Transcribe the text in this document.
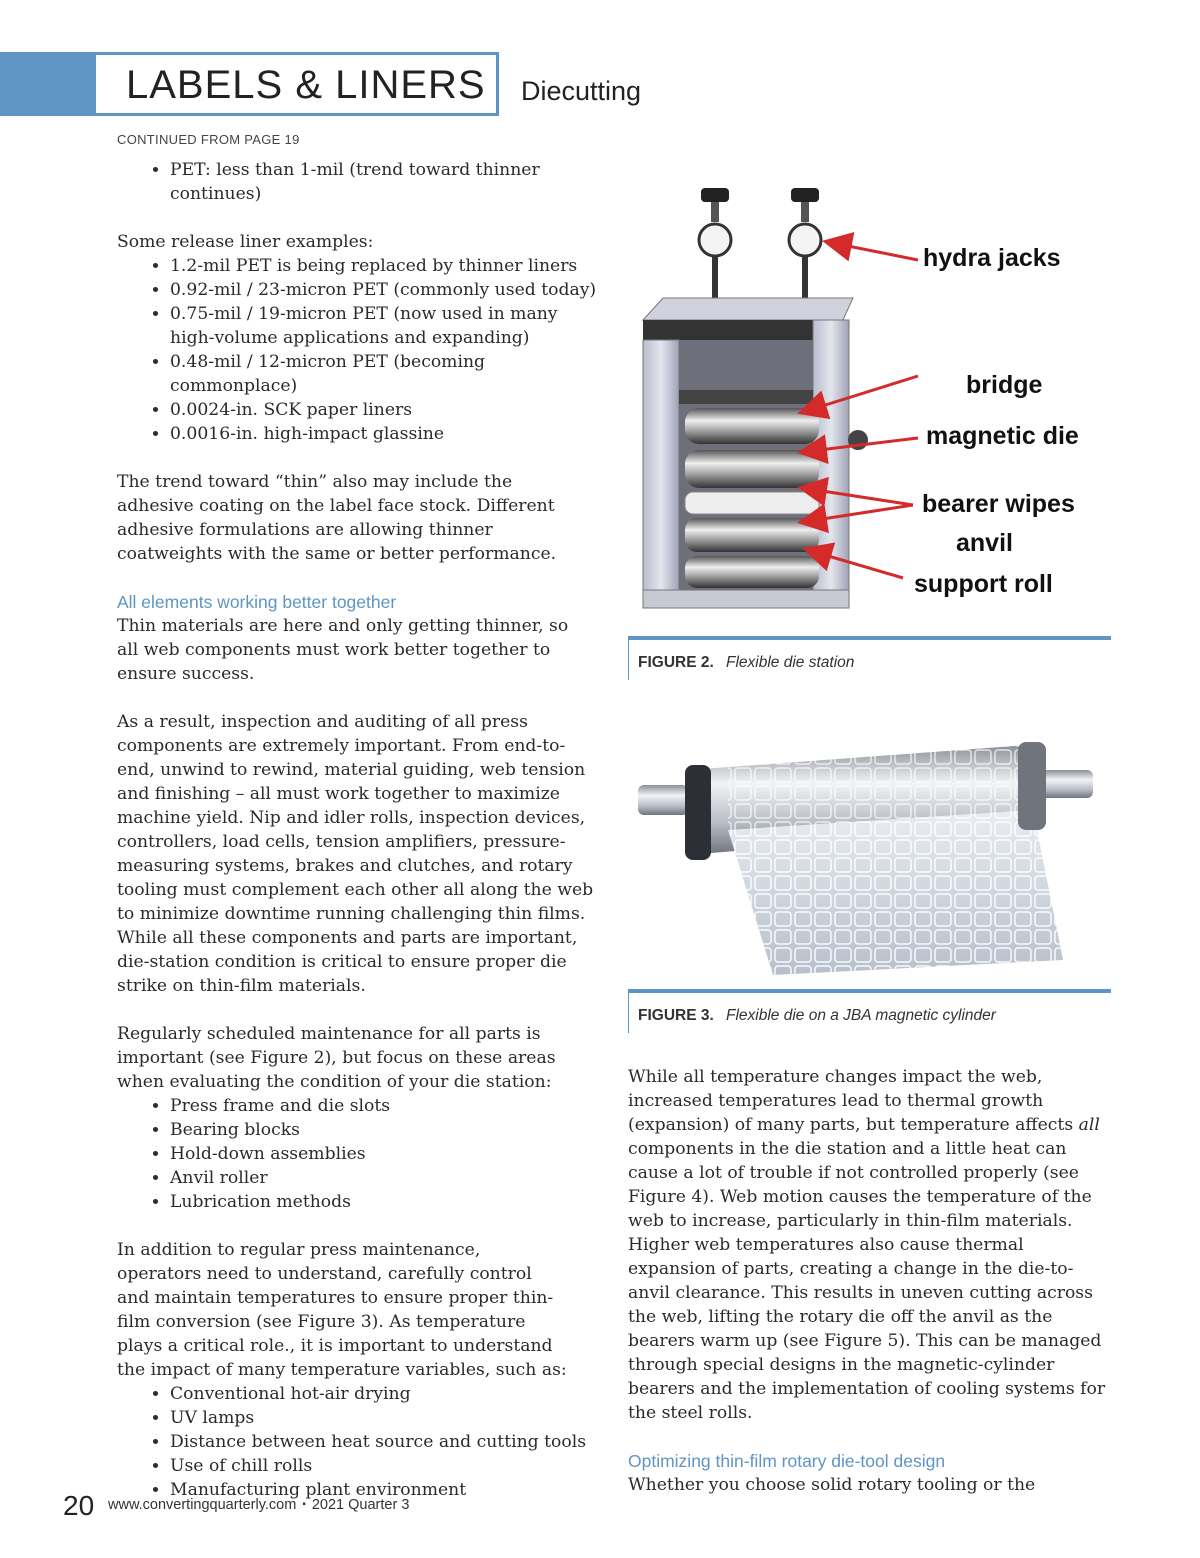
LABELS & LINERS Diecutting
CONTINUED FROM PAGE 19
• PET: less than 1-mil (trend toward thinner continues)

Some release liner examples:

• 1.2-mil PET is being replaced by thinner liners
• 0.92-mil / 23-micron PET (commonly used today)
• 0.75-mil / 19-micron PET (now used in many high-volume applications and expanding)
• 0.48-mil / 12-micron PET (becoming commonplace)
• 0.0024-in. SCK paper liners
• 0.0016-in. high-impact glassine

The trend toward “thin” also may include the adhesive coating on the label face stock. Different adhesive formulations are allowing thinner coatweights with the same or better performance.

All elements working better together

Thin materials are here and only getting thinner, so all web components must work better together to ensure success.

As a result, inspection and auditing of all press components are extremely important. From end-to-end, unwind to rewind, material guiding, web tension and finishing – all must work together to maximize machine yield. Nip and idler rolls, inspection devices, controllers, load cells, tension amplifiers, pressure-measuring systems, brakes and clutches, and rotary tooling must complement each other all along the web to minimize downtime running challenging thin films. While all these components and parts are important, die-station condition is critical to ensure proper die strike on thin-film materials.

Regularly scheduled maintenance for all parts is important (see Figure 2), but focus on these areas when evaluating the condition of your die station:

• Press frame and die slots
• Bearing blocks
• Hold-down assemblies
• Anvil roller
• Lubrication methods

In addition to regular press maintenance, operators need to understand, carefully control and maintain temperatures to ensure proper thin-film conversion (see Figure 3). As temperature plays a critical role., it is important to understand the impact of many temperature variables, such as:

• Conventional hot-air drying
• UV lamps
• Distance between heat source and cutting tools
• Use of chill rolls
• Manufacturing plant environment
hydra jacks
bridge
magnetic die
bearer wipes
anvil
support roll
FIGURE 2. Flexible die station
FIGURE 3. Flexible die on a JBA magnetic cylinder

While all temperature changes impact the web, increased temperatures lead to thermal growth (expansion) of many parts, but temperature affects all components in the die station and a little heat can cause a lot of trouble if not controlled properly (see Figure 4). Web motion causes the temperature of the web to increase, particularly in thin-film materials. Higher web temperatures also cause thermal expansion of parts, creating a change in the die-to-anvil clearance. This results in uneven cutting across the web, lifting the rotary die off the anvil as the bearers warm up (see Figure 5). This can be managed through special designs in the magnetic-cylinder bearers and the implementation of cooling systems for the steel rolls.

Optimizing thin-film rotary die-tool design

Whether you choose solid rotary tooling or the

20 www.convertingquarterly.com ▪ 2021 Quarter 3
